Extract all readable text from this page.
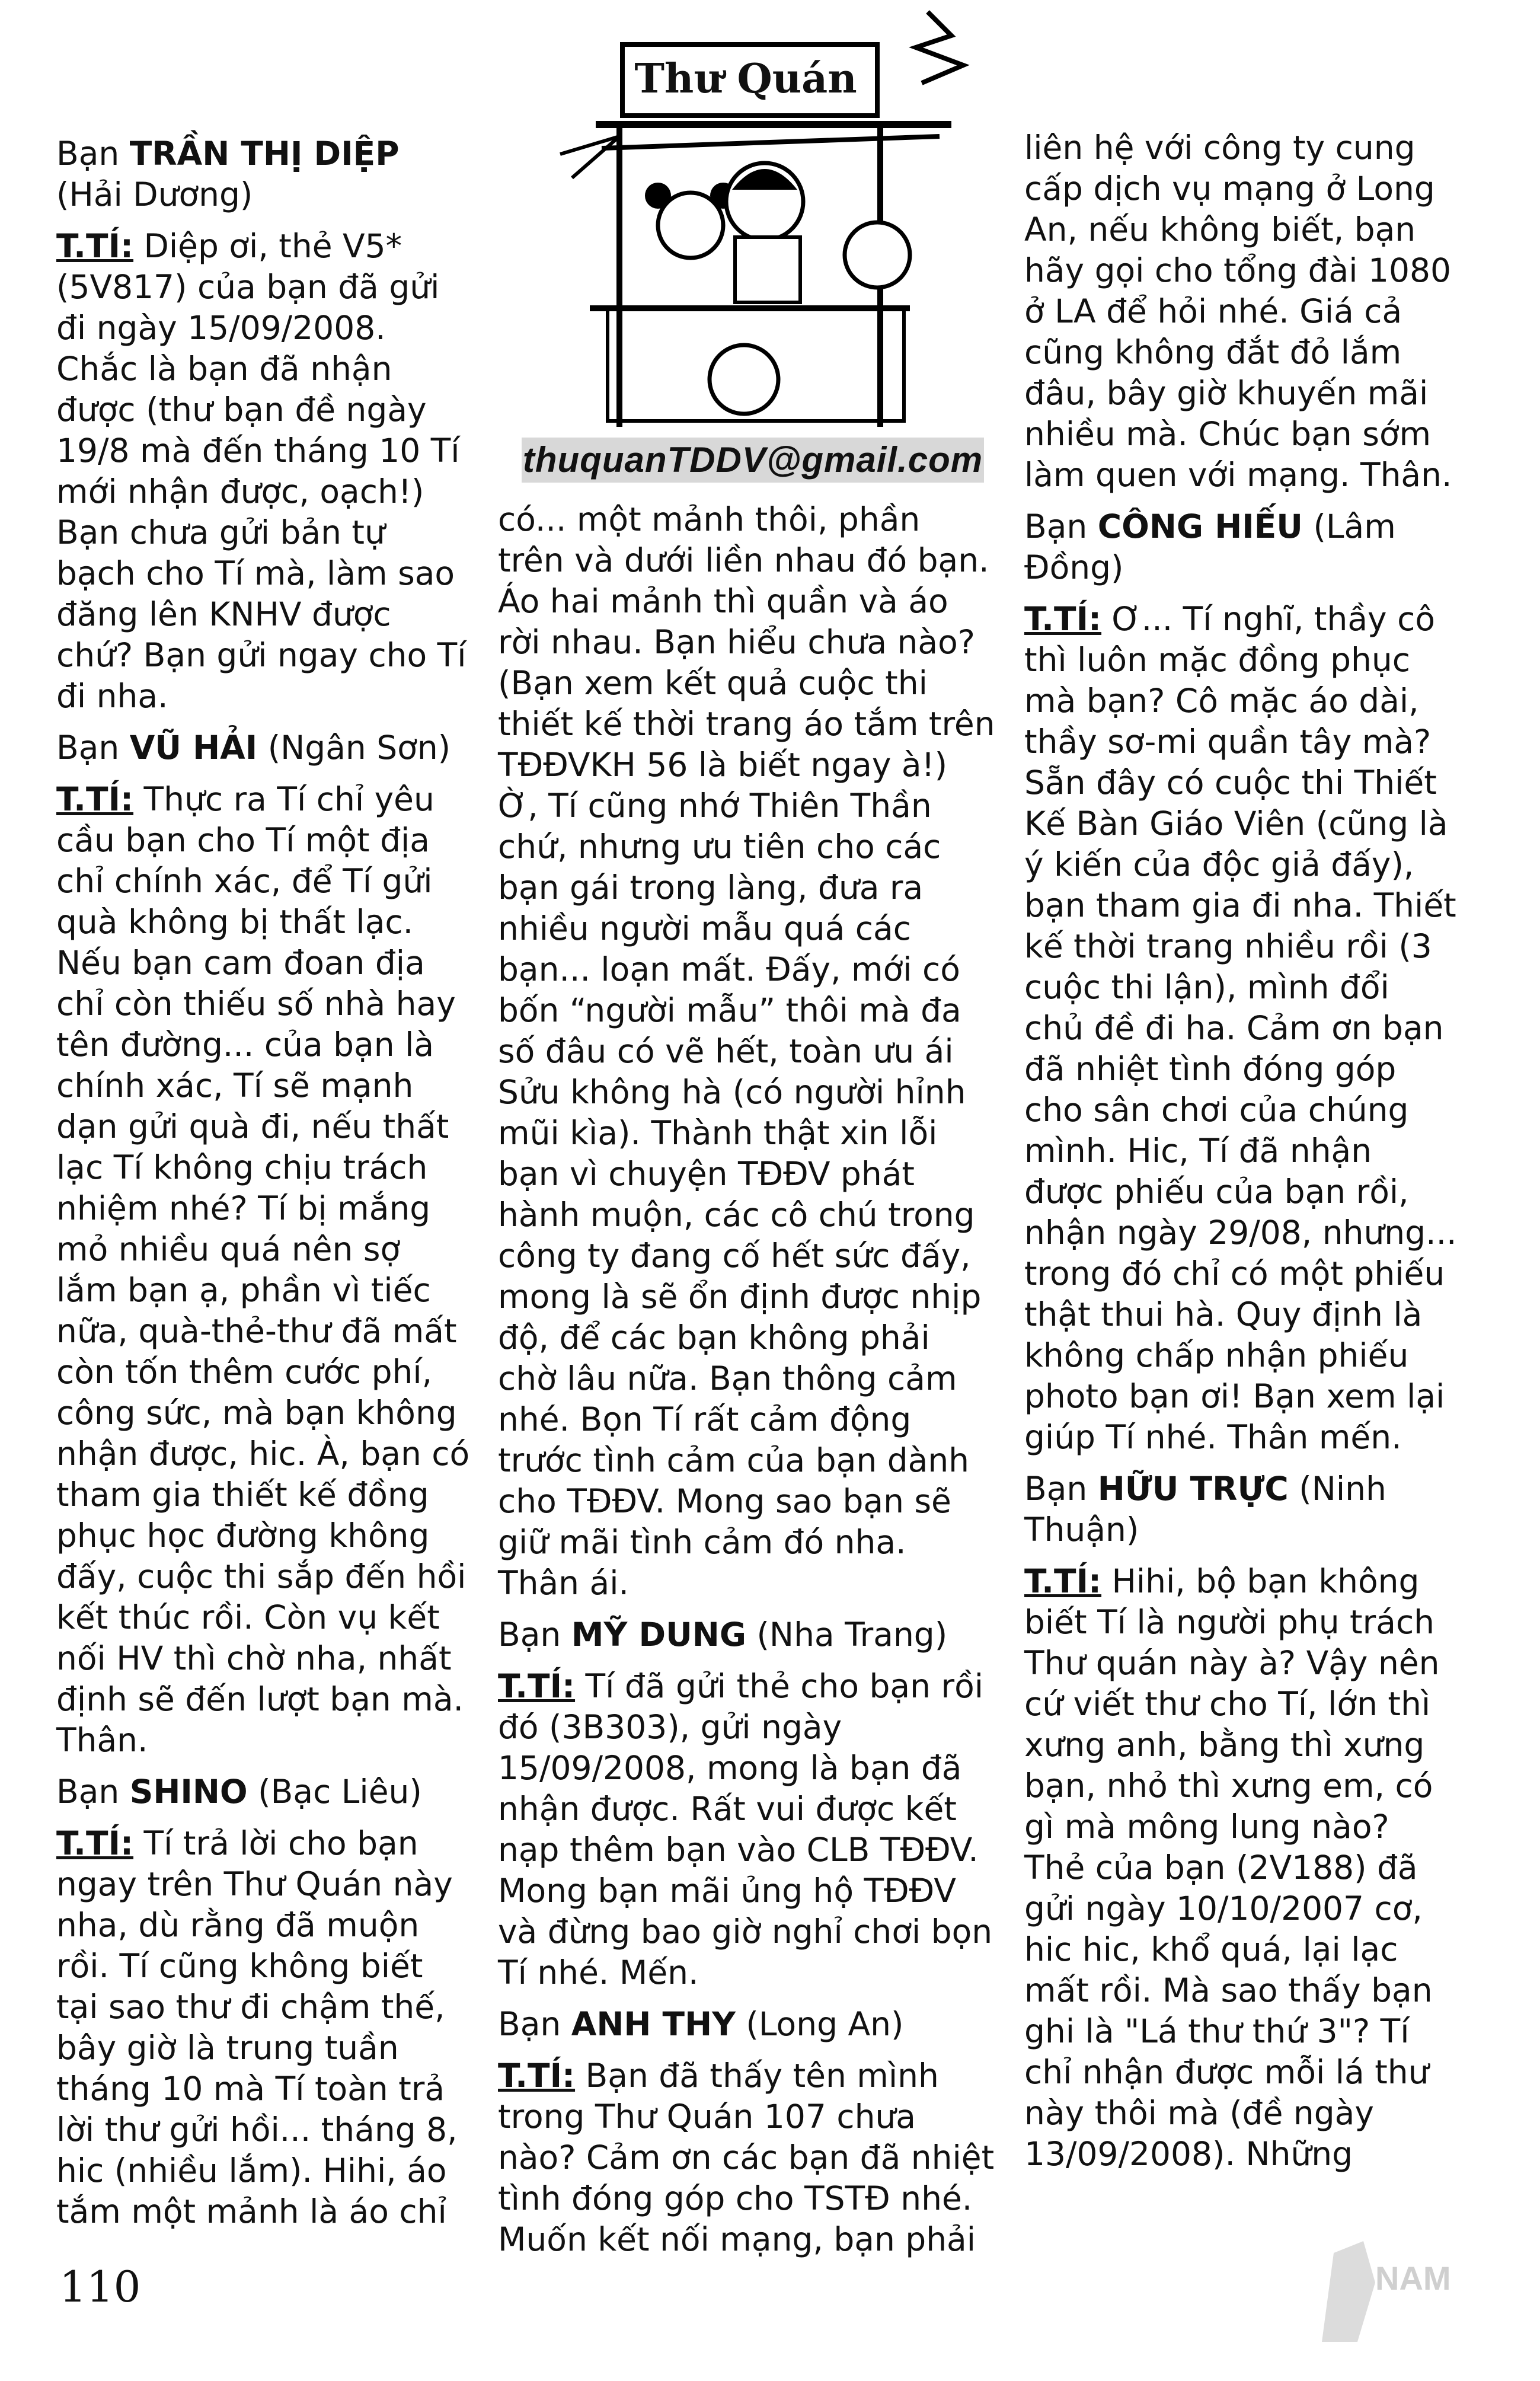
Thư Quán
thuquanTDDV@gmail.com

Bạn TRẦN THỊ DIỆP (Hải Dương)

T.TÍ: Diệp ơi, thẻ V5* (5V817) của bạn đã gửi đi ngày 15/09/2008. Chắc là bạn đã nhận được (thư bạn đề ngày 19/8 mà đến tháng 10 Tí mới nhận được, oạch!) Bạn chưa gửi bản tự bạch cho Tí mà, làm sao đăng lên KNHV được chứ? Bạn gửi ngay cho Tí đi nha.

Bạn VŨ HẢI (Ngân Sơn)

T.TÍ: Thực ra Tí chỉ yêu cầu bạn cho Tí một địa chỉ chính xác, để Tí gửi quà không bị thất lạc. Nếu bạn cam đoan địa chỉ còn thiếu số nhà hay tên đường... của bạn là chính xác, Tí sẽ mạnh dạn gửi quà đi, nếu thất lạc Tí không chịu trách nhiệm nhé? Tí bị mắng mỏ nhiều quá nên sợ lắm bạn ạ, phần vì tiếc nữa, quà-thẻ-thư đã mất còn tốn thêm cước phí, công sức, mà bạn không nhận được, hic. À, bạn có tham gia thiết kế đồng phục học đường không đấy, cuộc thi sắp đến hồi kết thúc rồi. Còn vụ kết nối HV thì chờ nha, nhất định sẽ đến lượt bạn mà. Thân.

Bạn SHINO (Bạc Liêu)

T.TÍ: Tí trả lời cho bạn ngay trên Thư Quán này nha, dù rằng đã muộn rồi. Tí cũng không biết tại sao thư đi chậm thế, bây giờ là trung tuần tháng 10 mà Tí toàn trả lời thư gửi hồi... tháng 8, hic (nhiều lắm). Hihi, áo tắm một mảnh là áo chỉ

có... một mảnh thôi, phần trên và dưới liền nhau đó bạn. Áo hai mảnh thì quần và áo rời nhau. Bạn hiểu chưa nào? (Bạn xem kết quả cuộc thi thiết kế thời trang áo tắm trên TĐĐVKH 56 là biết ngay à!) Ờ, Tí cũng nhớ Thiên Thần chứ, nhưng ưu tiên cho các bạn gái trong làng, đưa ra nhiều người mẫu quá các bạn... loạn mất. Đấy, mới có bốn “người mẫu” thôi mà đa số đâu có vẽ hết, toàn ưu ái Sửu không hà (có người hỉnh mũi kìa). Thành thật xin lỗi bạn vì chuyện TĐĐV phát hành muộn, các cô chú trong công ty đang cố hết sức đấy, mong là sẽ ổn định được nhịp độ, để các bạn không phải chờ lâu nữa. Bạn thông cảm nhé. Bọn Tí rất cảm động trước tình cảm của bạn dành cho TĐĐV. Mong sao bạn sẽ giữ mãi tình cảm đó nha. Thân ái.

Bạn MỸ DUNG (Nha Trang)

T.TÍ: Tí đã gửi thẻ cho bạn rồi đó (3B303), gửi ngày 15/09/2008, mong là bạn đã nhận được. Rất vui được kết nạp thêm bạn vào CLB TĐĐV. Mong bạn mãi ủng hộ TĐĐV và đừng bao giờ nghỉ chơi bọn Tí nhé. Mến.

Bạn ANH THY (Long An)

T.TÍ: Bạn đã thấy tên mình trong Thư Quán 107 chưa nào? Cảm ơn các bạn đã nhiệt tình đóng góp cho TSTĐ nhé. Muốn kết nối mạng, bạn phải

liên hệ với công ty cung cấp dịch vụ mạng ở Long An, nếu không biết, bạn hãy gọi cho tổng đài 1080 ở LA để hỏi nhé. Giá cả cũng không đắt đỏ lắm đâu, bây giờ khuyến mãi nhiều mà. Chúc bạn sớm làm quen với mạng. Thân.

Bạn CÔNG HIẾU (Lâm Đồng)

T.TÍ: Ơ... Tí nghĩ, thầy cô thì luôn mặc đồng phục mà bạn? Cô mặc áo dài, thầy sơ-mi quần tây mà? Sẵn đây có cuộc thi Thiết Kế Bàn Giáo Viên (cũng là ý kiến của độc giả đấy), bạn tham gia đi nha. Thiết kế thời trang nhiều rồi (3 cuộc thi lận), mình đổi chủ đề đi ha. Cảm ơn bạn đã nhiệt tình đóng góp cho sân chơi của chúng mình. Hic, Tí đã nhận được phiếu của bạn rồi, nhận ngày 29/08, nhưng... trong đó chỉ có một phiếu thật thui hà. Quy định là không chấp nhận phiếu photo bạn ơi! Bạn xem lại giúp Tí nhé. Thân mến.

Bạn HỮU TRỰC (Ninh Thuận)

T.TÍ: Hihi, bộ bạn không biết Tí là người phụ trách Thư quán này à? Vậy nên cứ viết thư cho Tí, lớn thì xưng anh, bằng thì xưng bạn, nhỏ thì xưng em, có gì mà mông lung nào? Thẻ của bạn (2V188) đã gửi ngày 10/10/2007 cơ, hic hic, khổ quá, lại lạc mất rồi. Mà sao thấy bạn ghi là "Lá thư thứ 3"? Tí chỉ nhận được mỗi lá thư này thôi mà (đề ngày 13/09/2008). Những

110	NAM
